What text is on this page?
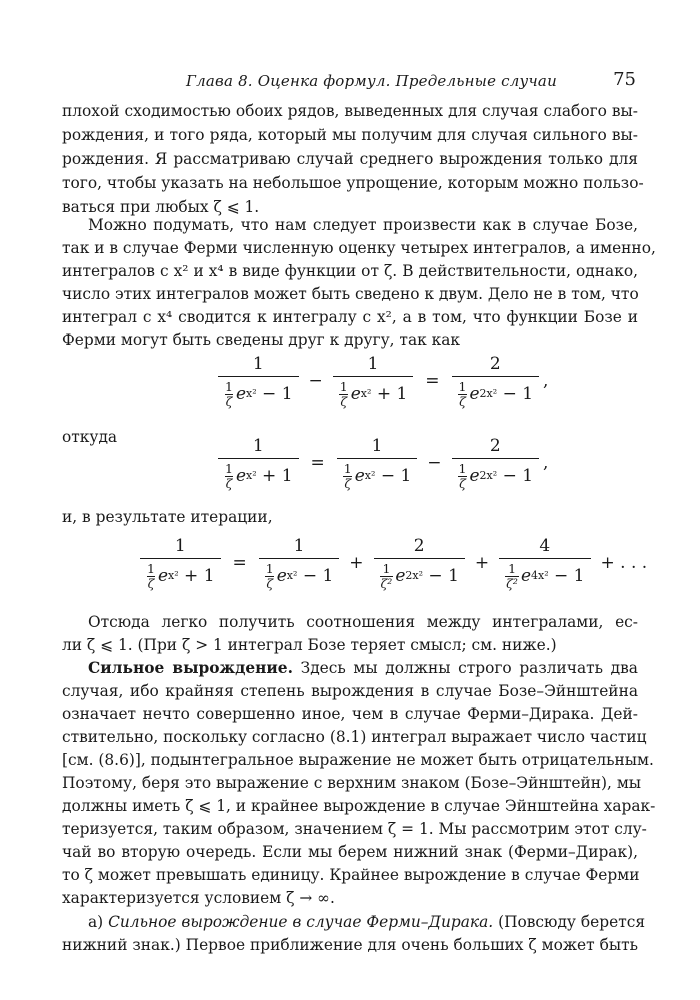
Глава 8. Оценка формул. Предельные случаи	75
плохой сходимостью обоих рядов, выведенных для случая слабого вы-
рождения, и того ряда, который мы получим для случая сильного вы-
рождения. Я рассматриваю случай среднего вырождения только для
того, чтобы указать на небольшое упрощение, которым можно пользо-
ваться при любых ζ ⩽ 1.
Можно подумать, что нам следует произвести как в случае Бозе,
так и в случае Ферми численную оценку четырех интегралов, а именно,
интегралов с x² и x⁴ в виде функции от ζ. В действительности, однако,
число этих интегралов может быть сведено к двум. Дело не в том, что
интеграл с x⁴ сводится к интегралу с x², а в том, что функции Бозе и
Ферми могут быть сведены друг к другу, так как
1
1
ζ e x²
− 1 − 1
1
ζ e x²
+ 1 = 2
1
ζ e 2x²
− 1 ,
откуда	1
1
ζ e x²
+ 1 = 1
1
ζ e x²
− 1 − 2
1
ζ e 2x²
− 1 ,
и, в результате итерации,
1
1
ζ e x²
+ 1 = 1
1
ζ e x²
− 1 + 2
1
ζ² e 2x²
− 1 + 4
1
ζ² e 4x²
− 1 + . . .
Отсюда легко получить соотношения между интегралами, ес-
ли ζ ⩽ 1. (При ζ > 1 интеграл Бозе теряет смысл; см. ниже.)
Сильное вырождение. Здесь мы должны строго различать два
случая, ибо крайняя степень вырождения в случае Бозе–Эйнштейна
означает нечто совершенно иное, чем в случае Ферми–Дирака. Дей-
ствительно, поскольку согласно (8.1) интеграл выражает число частиц
[см. (8.6)], подынтегральное выражение не может быть отрицательным.
Поэтому, беря это выражение с верхним знаком (Бозе–Эйнштейн), мы
должны иметь ζ ⩽ 1, и крайнее вырождение в случае Эйнштейна харак-
теризуется, таким образом, значением ζ = 1. Мы рассмотрим этот слу-
чай во вторую очередь. Если мы берем нижний знак (Ферми–Дирак),
то ζ может превышать единицу. Крайнее вырождение в случае Ферми
характеризуется условием ζ → ∞.
а) Сильное вырождение в случае Ферми–Дирака. (Повсюду берется
нижний знак.) Первое приближение для очень больших ζ может быть
